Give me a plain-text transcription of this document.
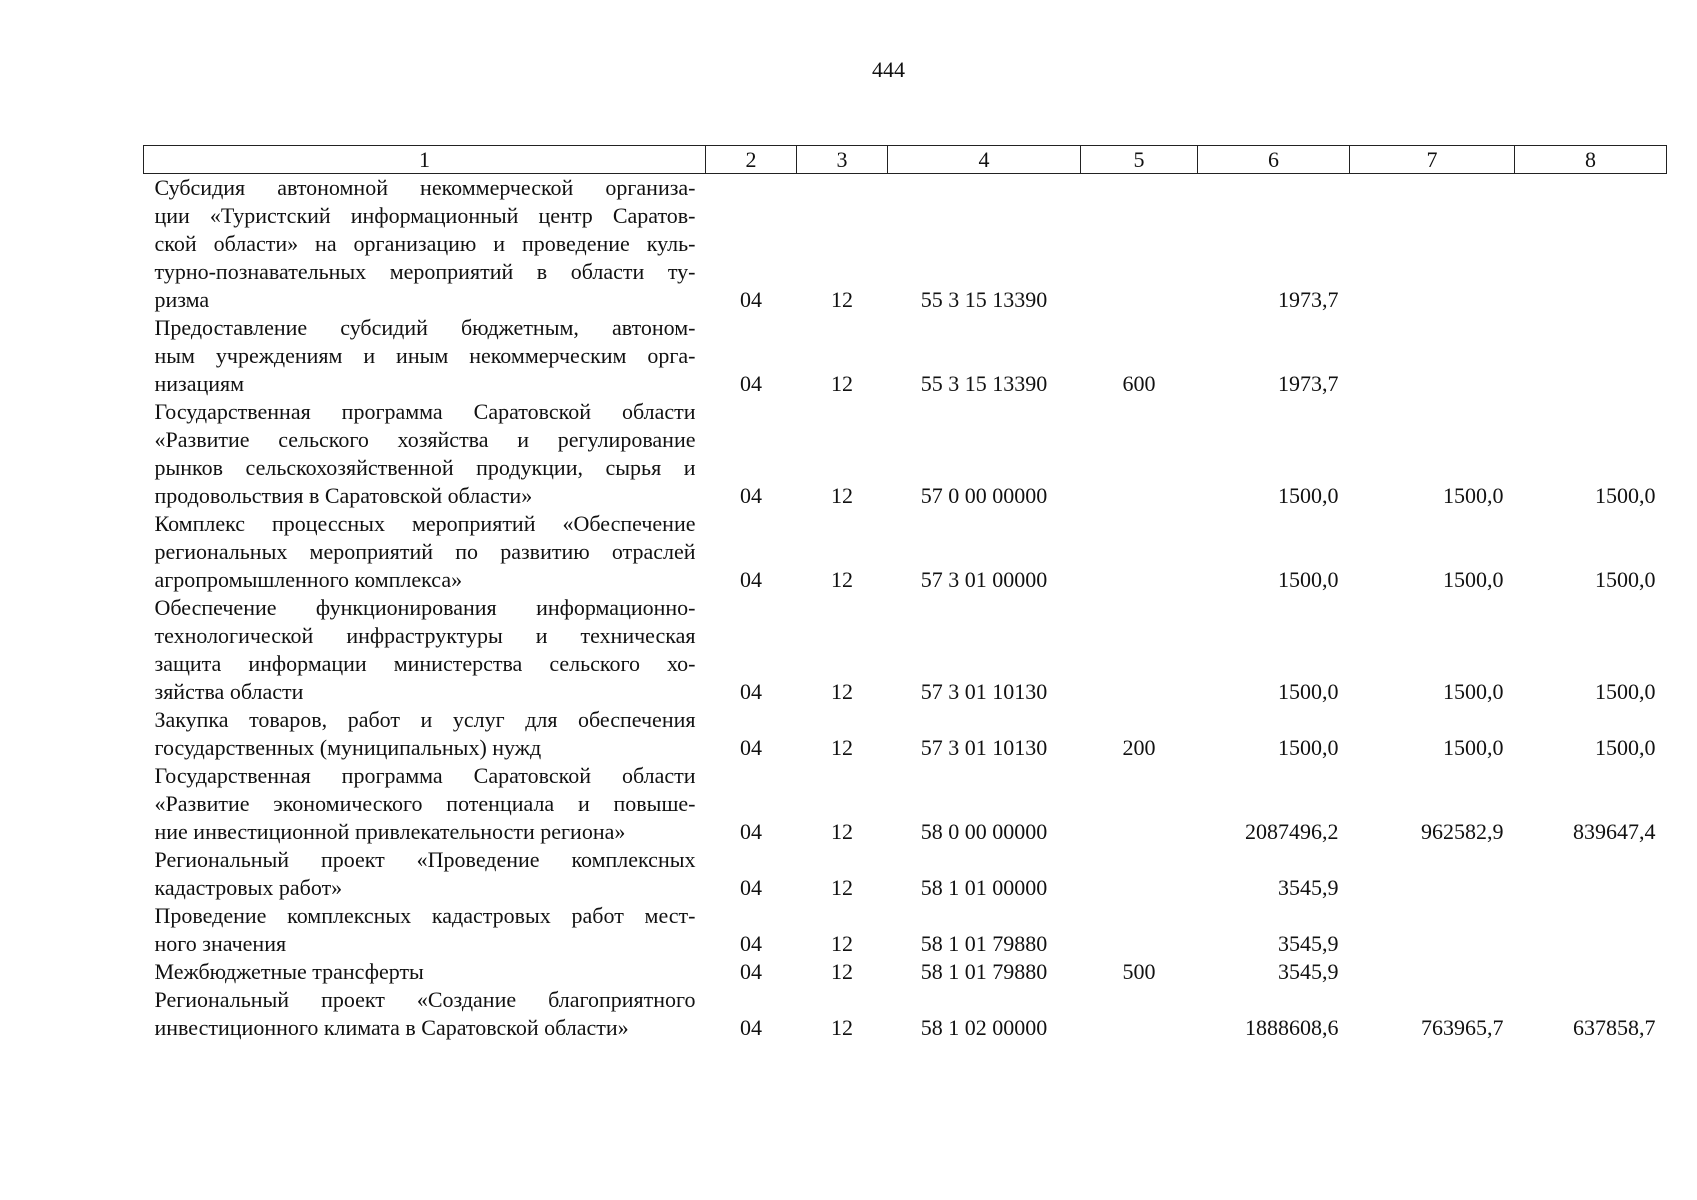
444
1	2	3	4	5	6	7	8

Субсидия автономной некоммерческой организа-
ции «Туристский информационный центр Саратов-
ской области» на организацию и проведение куль-
турно-познавательных мероприятий в области ту-
ризма	04	12	55 3 15 13390		1973,7		

Предоставление субсидий бюджетным, автоном-
ным учреждениям и иным некоммерческим орга-
низациям	04	12	55 3 15 13390	600	1973,7		

Государственная программа Саратовской области
«Развитие сельского хозяйства и регулирование
рынков сельскохозяйственной продукции, сырья и
продовольствия в Саратовской области»	04	12	57 0 00 00000		1500,0	1500,0	1500,0

Комплекс процессных мероприятий «Обеспечение
региональных мероприятий по развитию отраслей
агропромышленного комплекса»	04	12	57 3 01 00000		1500,0	1500,0	1500,0

Обеспечение функционирования информационно-
технологической инфраструктуры и техническая
защита информации министерства сельского хо-
зяйства области	04	12	57 3 01 10130		1500,0	1500,0	1500,0

Закупка товаров, работ и услуг для обеспечения
государственных (муниципальных) нужд	04	12	57 3 01 10130	200	1500,0	1500,0	1500,0

Государственная программа Саратовской области
«Развитие экономического потенциала и повыше-
ние инвестиционной привлекательности региона»	04	12	58 0 00 00000		2087496,2	962582,9	839647,4

Региональный проект «Проведение комплексных
кадастровых работ»	04	12	58 1 01 00000		3545,9		

Проведение комплексных кадастровых работ мест-
ного значения	04	12	58 1 01 79880		3545,9		

Межбюджетные трансферты	04	12	58 1 01 79880	500	3545,9		

Региональный проект «Создание благоприятного
инвестиционного климата в Саратовской области»	04	12	58 1 02 00000		1888608,6	763965,7	637858,7
